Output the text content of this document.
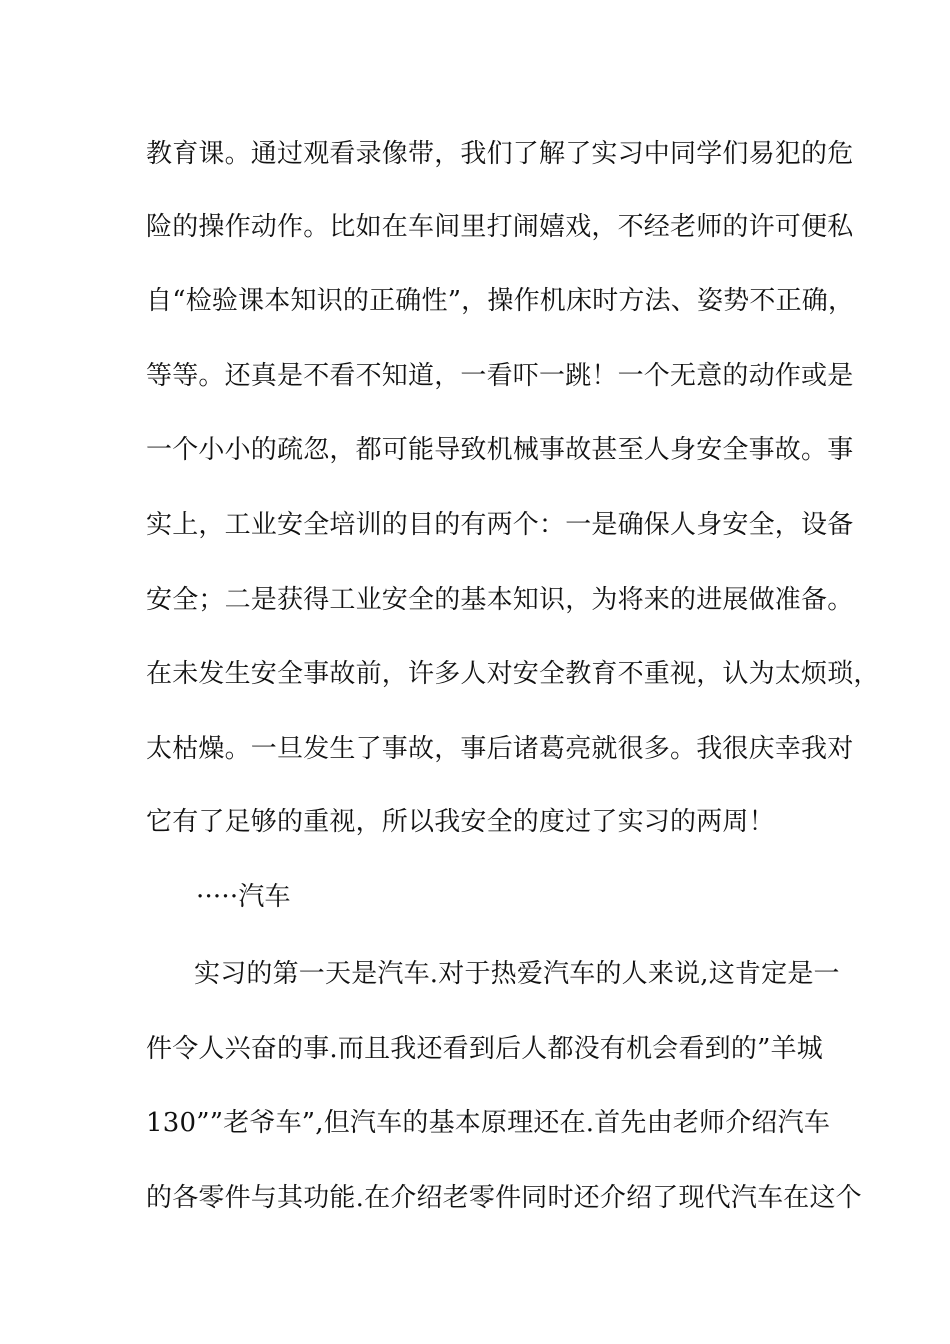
教育课。通过观看录像带，我们了解了实习中同学们易犯的危
险的操作动作。比如在车间里打闹嬉戏，不经老师的许可便私
自“检验课本知识的正确性”，操作机床时方法、姿势不正确，
等等。还真是不看不知道，一看吓一跳！一个无意的动作或是
一个小小的疏忽，都可能导致机械事故甚至人身安全事故。事
实上，工业安全培训的目的有两个：一是确保人身安全，设备
安全；二是获得工业安全的基本知识，为将来的进展做准备。
在未发生安全事故前，许多人对安全教育不重视，认为太烦琐，
太枯燥。一旦发生了事故，事后诸葛亮就很多。我很庆幸我对
它有了足够的重视，所以我安全的度过了实习的两周！
·····汽车
实习的第一天是汽车.对于热爱汽车的人来说,这肯定是一
件令人兴奋的事.而且我还看到后人都没有机会看到的”羊城
130””老爷车”,但汽车的基本原理还在.首先由老师介绍汽车
的各零件与其功能.在介绍老零件同时还介绍了现代汽车在这个
